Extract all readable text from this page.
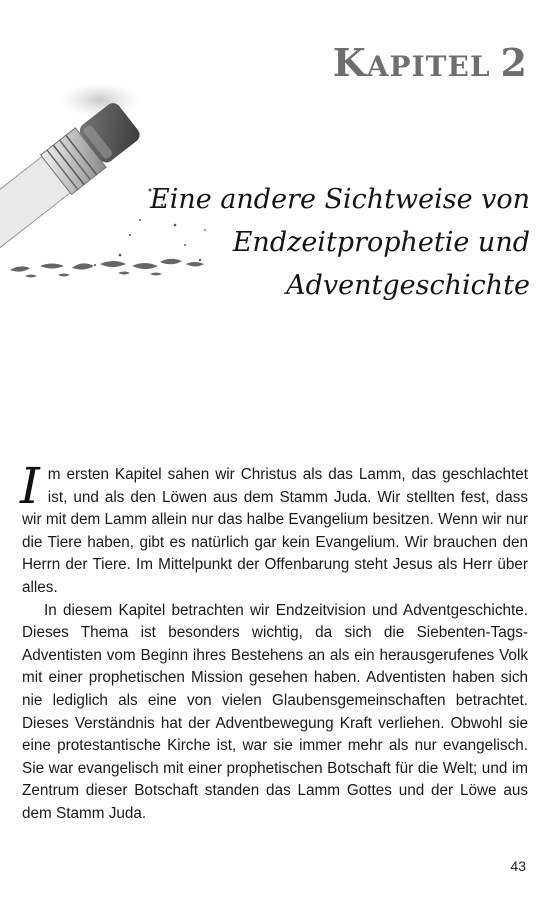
KAPITEL 2
Eine andere Sichtweise von
Endzeitprophetie und
Adventgeschichte

Im ersten Kapitel sahen wir Christus als das Lamm, das geschlachtet ist, und als den Löwen aus dem Stamm Juda. Wir stellten fest, dass wir mit dem Lamm allein nur das halbe Evangelium besitzen. Wenn wir nur die Tiere haben, gibt es natürlich gar kein Evangelium. Wir brauchen den Herrn der Tiere. Im Mittelpunkt der Offenbarung steht Jesus als Herr über alles.

In diesem Kapitel betrachten wir Endzeitvision und Adventgeschichte. Dieses Thema ist besonders wichtig, da sich die Siebenten-Tags-Adventisten vom Beginn ihres Bestehens an als ein herausgerufenes Volk mit einer prophetischen Mission gesehen haben. Adventisten haben sich nie lediglich als eine von vielen Glaubensgemeinschaften betrachtet. Dieses Verständnis hat der Adventbewegung Kraft verliehen. Obwohl sie eine protestantische Kirche ist, war sie immer mehr als nur evangelisch. Sie war evangelisch mit einer prophetischen Botschaft für die Welt; und im Zentrum dieser Botschaft standen das Lamm Gottes und der Löwe aus dem Stamm Juda.

43
